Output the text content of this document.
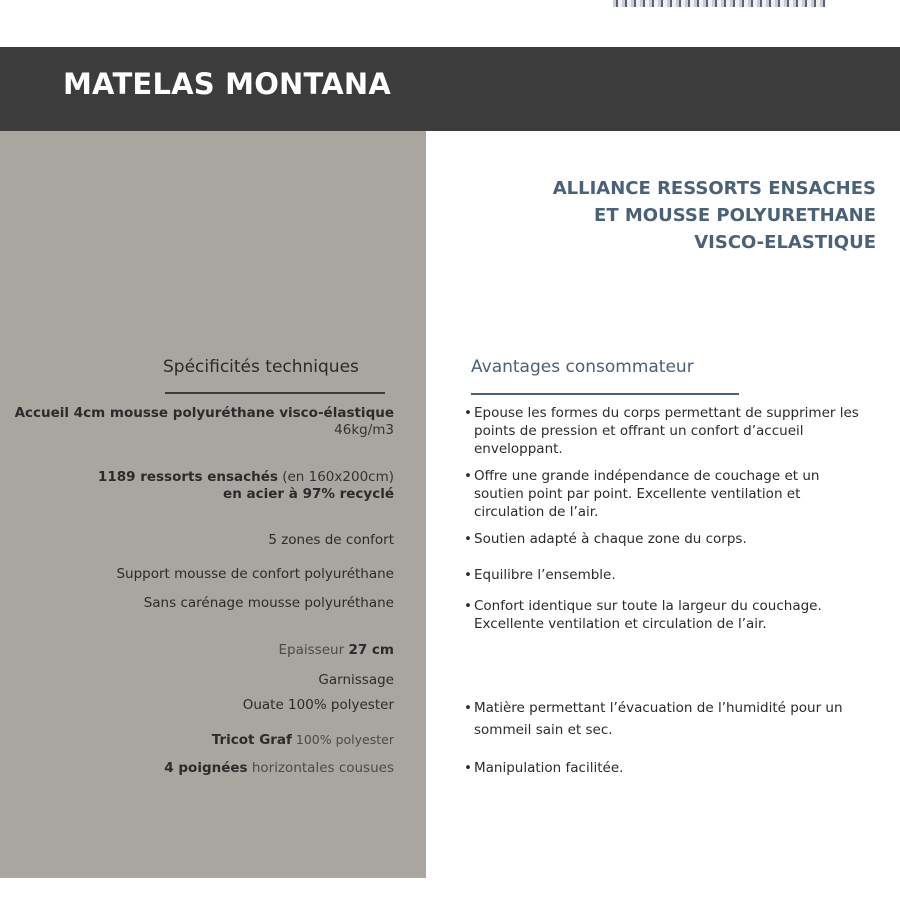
MATELAS MONTANA
ALLIANCE RESSORTS ENSACHES
ET MOUSSE POLYURETHANE
VISCO-ELASTIQUE
Spécificités techniques	Avantages consommateur
Accueil 4cm mousse polyuréthane visco-élastique
46kg/m3
1189 ressorts ensachés (en 160x200cm)
en acier à 97% recyclé
5 zones de confort
Support mousse de confort polyuréthane
Sans carénage mousse polyuréthane
Epaisseur 27 cm
Garnissage
Ouate 100% polyester
Tricot Graf 100% polyester
4 poignées horizontales cousues
• Epouse les formes du corps permettant de supprimer les points de pression et offrant un confort d’accueil enveloppant.
• Offre une grande indépendance de couchage et un soutien point par point. Excellente ventilation et circulation de l’air.
• Soutien adapté à chaque zone du corps.
• Equilibre l’ensemble.
• Confort identique sur toute la largeur du couchage. Excellente ventilation et circulation de l’air.
• Matière permettant l’évacuation de l’humidité pour un sommeil sain et sec.
• Manipulation facilitée.
